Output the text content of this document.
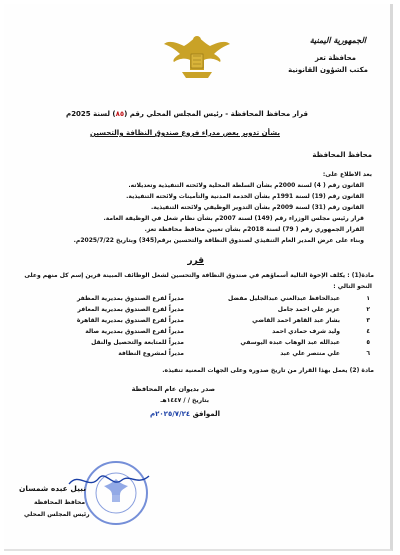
الجمهورية اليمنية
محافظة تعز
مكتب الشؤون القانونية
قرار محافظ المحافظة - رئيس المجلس المحلي رقم (٨٥) لسنة 2025م
بشأن تدوير بعض مدراء فروع صندوق النظافة والتحسين
محافظ المحافظة
بعد الاطلاع على:
القانون رقم ( 4) لسنة 2000م بشأن السلطة المحلية ولائحته التنفيذية وتعديلاته.
القانون رقم (19) لسنة 1991م بشأن الخدمة المدنية والتأمينات ولائحته التنفيذية.
القانون رقم (31) لسنة 2009م بشأن التدوير الوظيفي ولائحته التنفيذية.
قرار رئيس مجلس الوزراء رقم (149) لسنة 2007م بشأن نظام شغل في الوظيفة العامة.
القرار الجمهوري رقم ( 79) لسنة 2018م بشأن تعيين محافظ محافظة تعز.
وبناء على عرض المدير العام التنفيذي لصندوق النظافة والتحسين برقم(345) وبتاريخ 2025/7/22م.
قرر
مادة(1) : يكلف الإخوة التالية أسماؤهم في صندوق النظافة والتحسين لشغل الوظائف المبينة قرين إسم كل منهم وعلى
النحو التالي :
١
عبدالحافظ عبدالغني عبدالجليل مفضل
مديراً لفرع الصندوق بمديرية المظفر
٢
عزيز علي احمد جامل
مديراً لفرع الصندوق بمديرية المعافر
٣
بشار عبد القاهر احمد القاضي
مديراً لفرع الصندوق بمديرية القاهرة
٤
وليد شرف حمادي احمد
مديراً لفرع الصندوق بمديرية صالة
٥
عبدالله عبد الوهاب عبده اليوسفي
مديراً للمتابعة والتحصيل والنقل
٦
علي منتصر علي عبد
مديراً لمشروع النظافة
مادة (2) يعمل بهذا القرار من تاريخ صدوره وعلى الجهات المعنية تنفيذه.
صدر بديوان عام المحافظة
بتاريخ / / ١٤٤٧هـ
الموافق ٢٠٢٥/٧/٢٤م
نبيل عبده شمسان
محافظ المحافظة
رئيس المجلس المحلي
